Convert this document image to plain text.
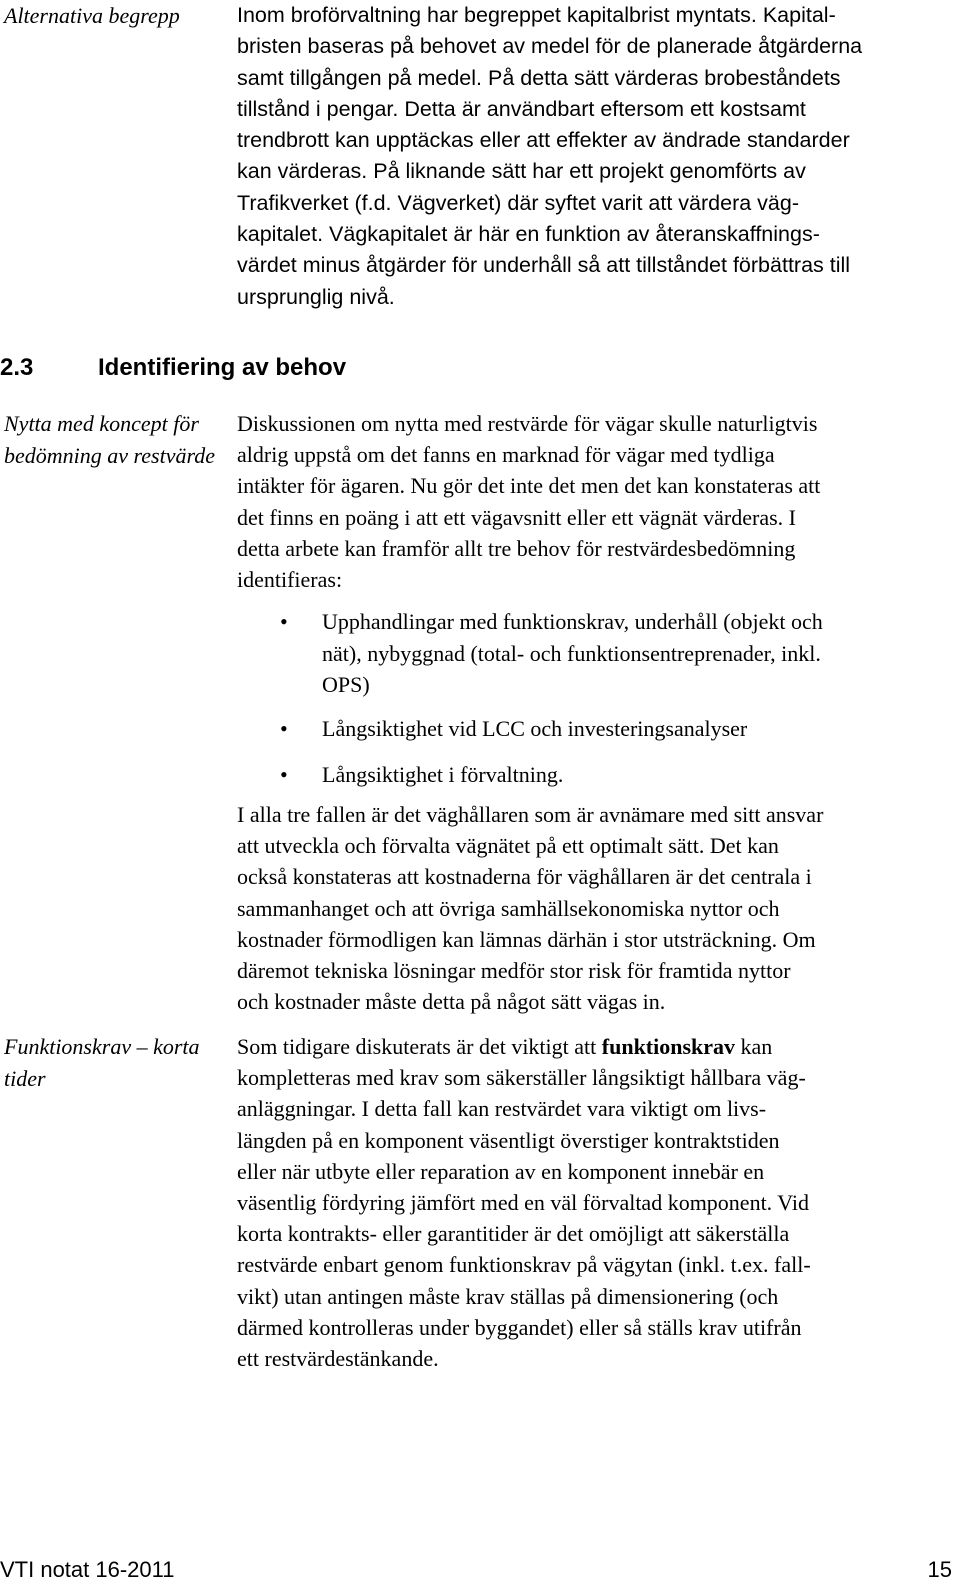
Alternativa begrepp	Inom broförvaltning har begreppet kapitalbrist myntats. Kapital-
bristen baseras på behovet av medel för de planerade åtgärderna
samt tillgången på medel. På detta sätt värderas brobeståndets
tillstånd i pengar. Detta är användbart eftersom ett kostsamt
trendbrott kan upptäckas eller att effekter av ändrade standarder
kan värderas. På liknande sätt har ett projekt genomförts av
Trafikverket (f.d. Vägverket) där syftet varit att värdera väg-
kapitalet. Vägkapitalet är här en funktion av återanskaffnings-
värdet minus åtgärder för underhåll så att tillståndet förbättras till
ursprunglig nivå.

2.3	Identifiering av behov

Nytta med koncept för bedömning av restvärde

Diskussionen om nytta med restvärde för vägar skulle naturligtvis
aldrig uppstå om det fanns en marknad för vägar med tydliga
intäkter för ägaren. Nu gör det inte det men det kan konstateras att
det finns en poäng i att ett vägavsnitt eller ett vägnät värderas. I
detta arbete kan framför allt tre behov för restvärdesbedömning
identifieras:

• Upphandlingar med funktionskrav, underhåll (objekt och
nät), nybyggnad (total- och funktionsentreprenader, inkl.
OPS)
• Långsiktighet vid LCC och investeringsanalyser
• Långsiktighet i förvaltning.

I alla tre fallen är det väghållaren som är avnämare med sitt ansvar
att utveckla och förvalta vägnätet på ett optimalt sätt. Det kan
också konstateras att kostnaderna för väghållaren är det centrala i
sammanhanget och att övriga samhällsekonomiska nyttor och
kostnader förmodligen kan lämnas därhän i stor utsträckning. Om
däremot tekniska lösningar medför stor risk för framtida nyttor
och kostnader måste detta på något sätt vägas in.

Funktionskrav – korta tider

Som tidigare diskuterats är det viktigt att funktionskrav kan
kompletteras med krav som säkerställer långsiktigt hållbara väg-
anläggningar. I detta fall kan restvärdet vara viktigt om livs-
längden på en komponent väsentligt överstiger kontraktstiden
eller när utbyte eller reparation av en komponent innebär en
väsentlig fördyring jämfört med en väl förvaltad komponent. Vid
korta kontrakts- eller garantitider är det omöjligt att säkerställa
restvärde enbart genom funktionskrav på vägytan (inkl. t.ex. fall-
vikt) utan antingen måste krav ställas på dimensionering (och
därmed kontrolleras under byggandet) eller så ställs krav utifrån
ett restvärdestänkande.

VTI notat 16-2011	15
